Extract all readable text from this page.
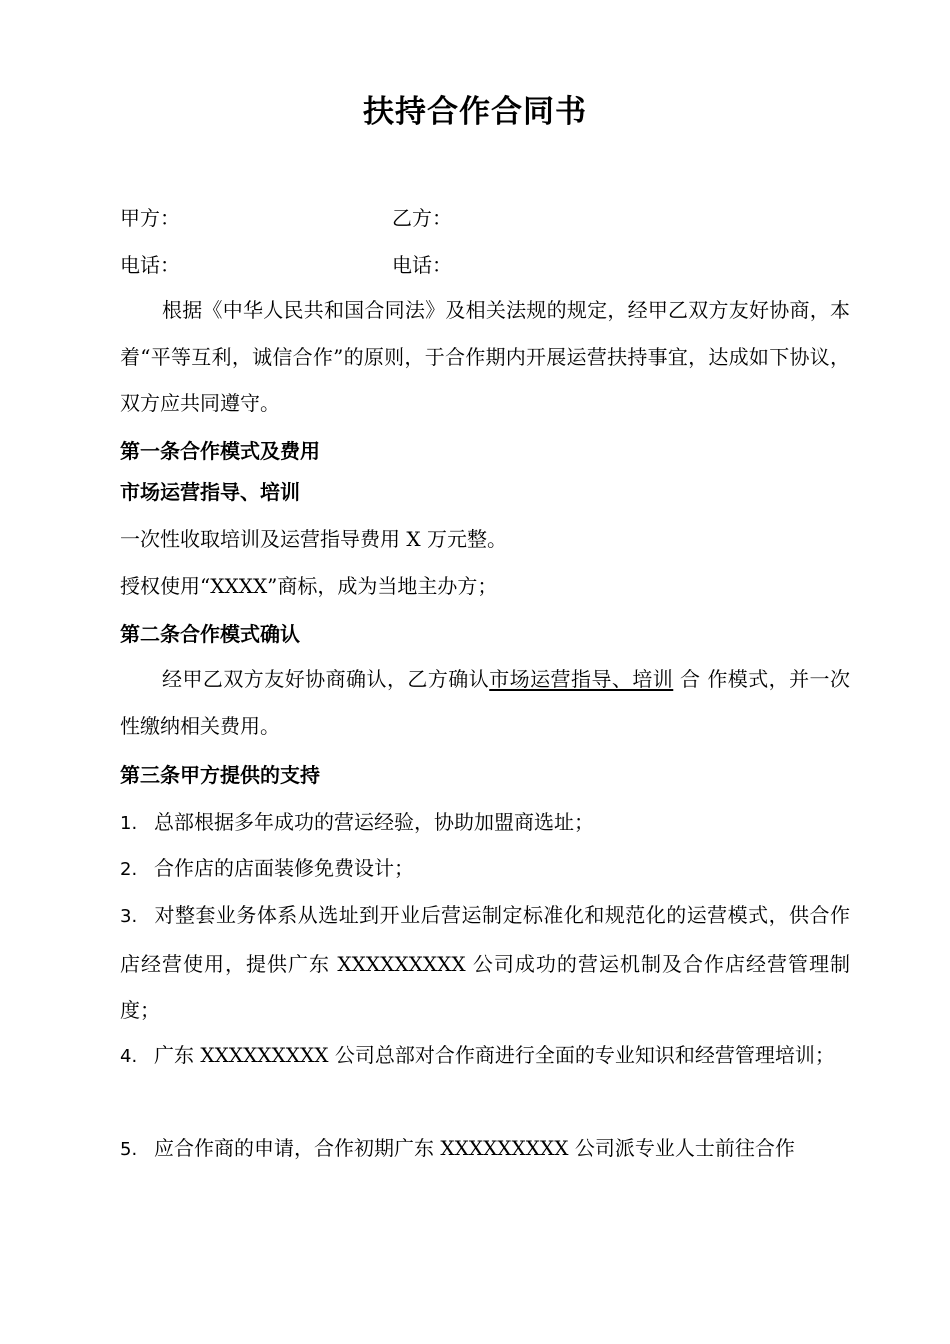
扶持合作合同书
甲方：	乙方：
电话：	电话：
根据《中华人民共和国合同法》及相关法规的规定，经甲乙双方友好协商，本着“平等互利，诚信合作”的原则，于合作期内开展运营扶持事宜，达成如下协议，双方应共同遵守。
第一条合作模式及费用
市场运营指导、培训
一次性收取培训及运营指导费用 X 万元整。
授权使用“XXXX”商标，成为当地主办方；
第二条合作模式确认
经甲乙双方友好协商确认，乙方确认市场运营指导、培训 合 作模式，并一次性缴纳相关费用。
第三条甲方提供的支持
1. 总部根据多年成功的营运经验，协助加盟商选址；
2. 合作店的店面装修免费设计；
3. 对整套业务体系从选址到开业后营运制定标准化和规范化的运营模式，供合作店经营使用，提供广东 XXXXXXXXX 公司成功的营运机制及合作店经营管理制度；
4. 广东 XXXXXXXXX 公司总部对合作商进行全面的专业知识和经营管理培训；
5. 应合作商的申请，合作初期广东 XXXXXXXXX 公司派专业人士前往合作
